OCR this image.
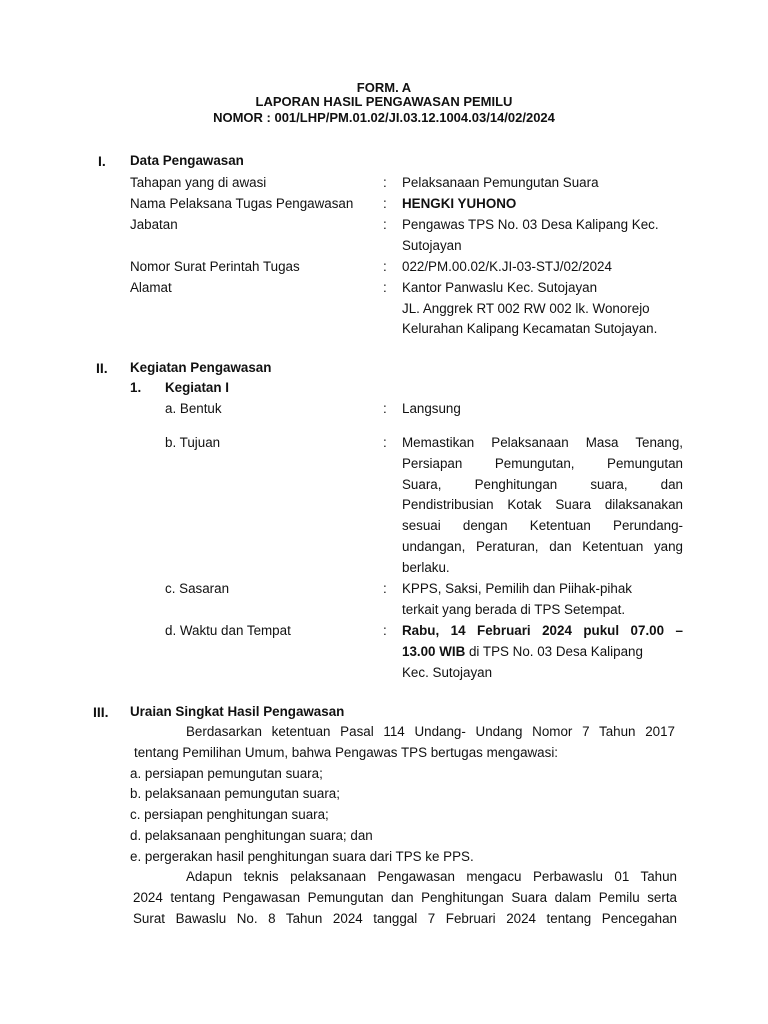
FORM. A
LAPORAN HASIL PENGAWASAN PEMILU
NOMOR : 001/LHP/PM.01.02/JI.03.12.1004.03/14/02/2024
I. Data Pengawasan
Tahapan yang di awasi	: Pelaksanaan Pemungutan Suara
Nama Pelaksana Tugas Pengawasan : HENGKI YUHONO
Jabatan	: Pengawas TPS No. 03 Desa Kalipang Kec.
Sutojayan
Nomor Surat Perintah Tugas	: 022/PM.00.02/K.JI-03-STJ/02/2024
Alamat	: Kantor Panwaslu Kec. Sutojayan
JL. Anggrek RT 002 RW 002 lk. Wonorejo
Kelurahan Kalipang Kecamatan Sutojayan.
II. Kegiatan Pengawasan
1. Kegiatan I
a. Bentuk	: Langsung
b. Tujuan	: Memastikan Pelaksanaan Masa Tenang,
Persiapan Pemungutan, Pemungutan
Suara, Penghitungan suara, dan
Pendistribusian Kotak Suara dilaksanakan
sesuai dengan Ketentuan Perundang-
undangan, Peraturan, dan Ketentuan yang
berlaku.
c. Sasaran	: KPPS, Saksi, Pemilih dan Piihak-pihak
terkait yang berada di TPS Setempat.
d. Waktu dan Tempat	: Rabu, 14 Februari 2024 pukul 07.00 –
13.00 WIB di TPS No. 03 Desa Kalipang
Kec. Sutojayan
III. Uraian Singkat Hasil Pengawasan
Berdasarkan ketentuan Pasal 114 Undang- Undang Nomor 7 Tahun 2017
tentang Pemilihan Umum, bahwa Pengawas TPS bertugas mengawasi:
a. persiapan pemungutan suara;
b. pelaksanaan pemungutan suara;
c. persiapan penghitungan suara;
d. pelaksanaan penghitungan suara; dan
e. pergerakan hasil penghitungan suara dari TPS ke PPS.
Adapun teknis pelaksanaan Pengawasan mengacu Perbawaslu 01 Tahun
2024 tentang Pengawasan Pemungutan dan Penghitungan Suara dalam Pemilu serta
Surat Bawaslu No. 8 Tahun 2024 tanggal 7 Februari 2024 tentang Pencegahan
